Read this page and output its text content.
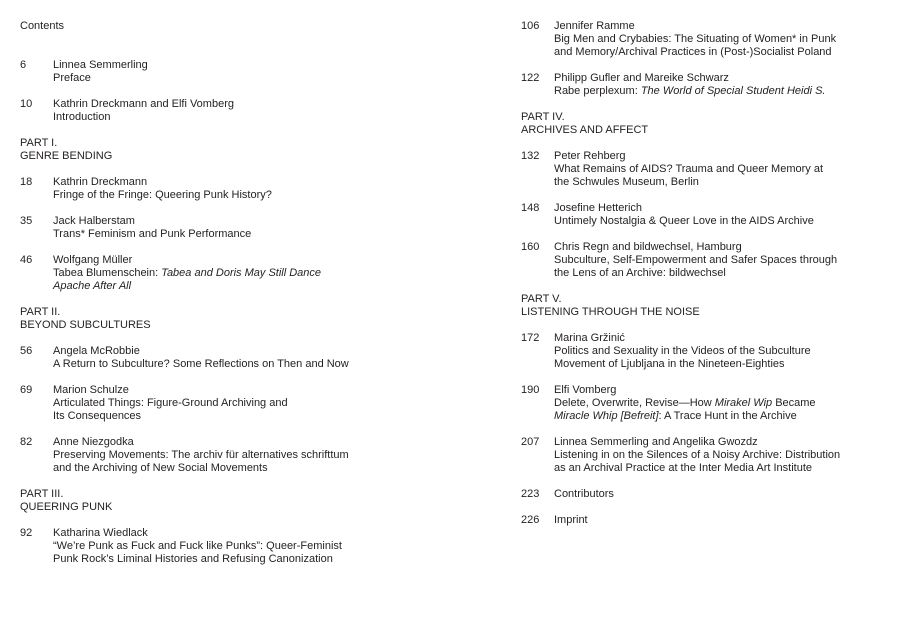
Contents
6	Linnea Semmerling
Preface
10	Kathrin Dreckmann and Elfi Vomberg
Introduction
PART I.
GENRE BENDING
18	Kathrin Dreckmann
Fringe of the Fringe: Queering Punk History?
35	Jack Halberstam
Trans* Feminism and Punk Performance
46	Wolfgang Müller
Tabea Blumenschein: Tabea and Doris May Still Dance
Apache After All
PART II.
BEYOND SUBCULTURES
56	Angela McRobbie
A Return to Subculture? Some Reflections on Then and Now
69	Marion Schulze
Articulated Things: Figure-Ground Archiving and
Its Consequences
82	Anne Niezgodka
Preserving Movements: The archiv für alternatives schrifttum
and the Archiving of New Social Movements
PART III.
QUEERING PUNK
92	Katharina Wiedlack
“We’re Punk as Fuck and Fuck like Punks”: Queer-Feminist
Punk Rock’s Liminal Histories and Refusing Canonization
106	Jennifer Ramme
Big Men and Crybabies: The Situating of Women* in Punk
and Memory/Archival Practices in (Post-)Socialist Poland
122	Philipp Gufler and Mareike Schwarz
Rabe perplexum: The World of Special Student Heidi S.
PART IV.
ARCHIVES AND AFFECT
132	Peter Rehberg
What Remains of AIDS? Trauma and Queer Memory at
the Schwules Museum, Berlin
148	Josefine Hetterich
Untimely Nostalgia & Queer Love in the AIDS Archive
160	Chris Regn and bildwechsel, Hamburg
Subculture, Self-Empowerment and Safer Spaces through
the Lens of an Archive: bildwechsel
PART V.
LISTENING THROUGH THE NOISE
172	Marina Gržinić
Politics and Sexuality in the Videos of the Subculture
Movement of Ljubljana in the Nineteen-Eighties
190	Elfi Vomberg
Delete, Overwrite, Revise—How Mirakel Wip Became
Miracle Whip [Befreit]: A Trace Hunt in the Archive
207	Linnea Semmerling and Angelika Gwozdz
Listening in on the Silences of a Noisy Archive: Distribution
as an Archival Practice at the Inter Media Art Institute
223	Contributors
226	Imprint
